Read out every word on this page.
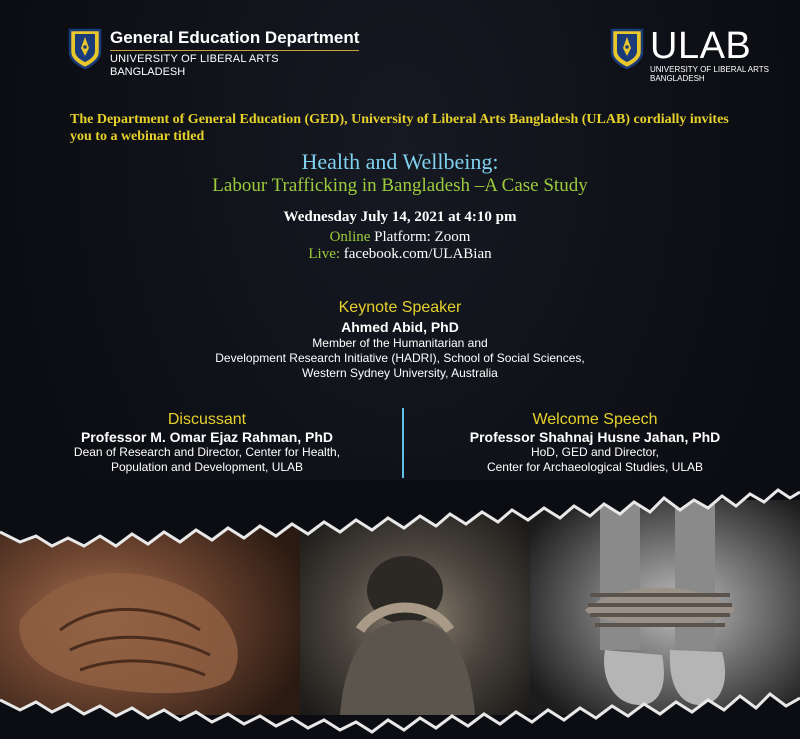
General Education Department
UNIVERSITY OF LIBERAL ARTS
BANGLADESH
ULAB
UNIVERSITY OF LIBERAL ARTS
BANGLADESH
The Department of General Education (GED), University of Liberal Arts Bangladesh (ULAB) cordially invites you to a webinar titled
Health and Wellbeing:
Labour Trafficking in Bangladesh –A Case Study
Wednesday July 14, 2021 at 4:10 pm
Online Platform: Zoom
Live: facebook.com/ULABian
Keynote Speaker
Ahmed Abid, PhD
Member of the Humanitarian and
Development Research Initiative (HADRI), School of Social Sciences,
Western Sydney University, Australia
Discussant
Professor M. Omar Ejaz Rahman, PhD
Dean of Research and Director, Center for Health,
Population and Development, ULAB
Welcome Speech
Professor Shahnaj Husne Jahan, PhD
HoD, GED and Director,
Center for Archaeological Studies, ULAB
